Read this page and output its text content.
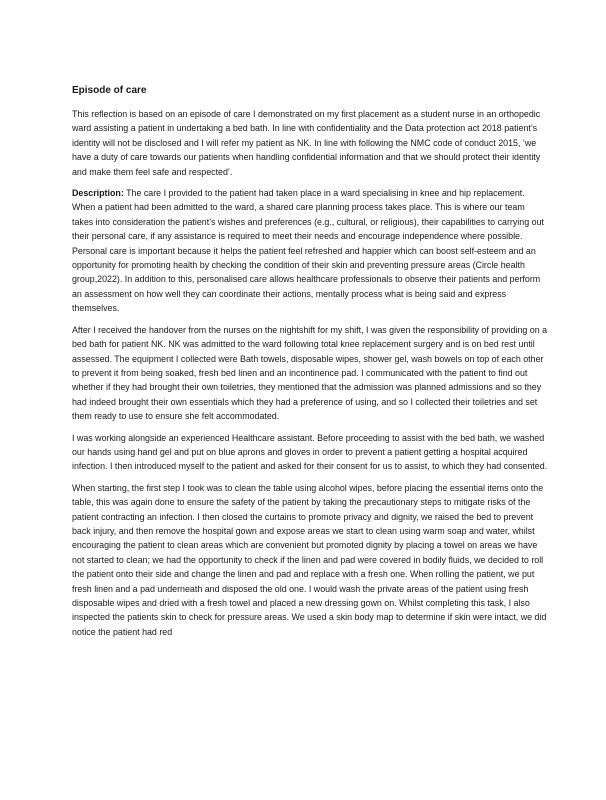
Episode of care

This reflection is based on an episode of care I demonstrated on my first placement as a student nurse in an orthopedic ward assisting a patient in undertaking a bed bath. In line with confidentiality and the Data protection act 2018 patient’s identity will not be disclosed and I will refer my patient as NK. In line with following the NMC code of conduct 2015, ‘we have a duty of care towards our patients when handling confidential information and that we should protect their identity and make them feel safe and respected’.

Description: The care I provided to the patient had taken place in a ward specialising in knee and hip replacement. When a patient had been admitted to the ward, a shared care planning process takes place. This is where our team takes into consideration the patient’s wishes and preferences (e.g., cultural, or religious), their capabilities to carrying out their personal care, if any assistance is required to meet their needs and encourage independence where possible. Personal care is important because it helps the patient feel refreshed and happier which can boost self-esteem and an opportunity for promoting health by checking the condition of their skin and preventing pressure areas (Circle health group,2022). In addition to this, personalised care allows healthcare professionals to observe their patients and perform an assessment on how well they can coordinate their actions, mentally process what is being said and express themselves.

After I received the handover from the nurses on the nightshift for my shift, I was given the responsibility of providing on a bed bath for patient NK. NK was admitted to the ward following total knee replacement surgery and is on bed rest until assessed. The equipment I collected were Bath towels, disposable wipes, shower gel, wash bowels on top of each other to prevent it from being soaked, fresh bed linen and an incontinence pad. I communicated with the patient to find out whether if they had brought their own toiletries, they mentioned that the admission was planned admissions and so they had indeed brought their own essentials which they had a preference of using, and so I collected their toiletries and set them ready to use to ensure she felt accommodated.

I was working alongside an experienced Healthcare assistant. Before proceeding to assist with the bed bath, we washed our hands using hand gel and put on blue aprons and gloves in order to prevent a patient getting a hospital acquired infection. I then introduced myself to the patient and asked for their consent for us to assist, to which they had consented.

When starting, the first step I took was to clean the table using alcohol wipes, before placing the essential items onto the table, this was again done to ensure the safety of the patient by taking the precautionary steps to mitigate risks of the patient contracting an infection. I then closed the curtains to promote privacy and dignity, we raised the bed to prevent back injury, and then remove the hospital gown and expose areas we start to clean using warm soap and water, whilst encouraging the patient to clean areas which are convenient but promoted dignity by placing a towel on areas we have not started to clean; we had the opportunity to check if the linen and pad were covered in bodily fluids, we decided to roll the patient onto their side and change the linen and pad and replace with a fresh one. When rolling the patient, we put fresh linen and a pad underneath and disposed the old one. I would wash the private areas of the patient using fresh disposable wipes and dried with a fresh towel and placed a new dressing gown on. Whilst completing this task, I also inspected the patients skin to check for pressure areas. We used a skin body map to determine if skin were intact, we did notice the patient had red
